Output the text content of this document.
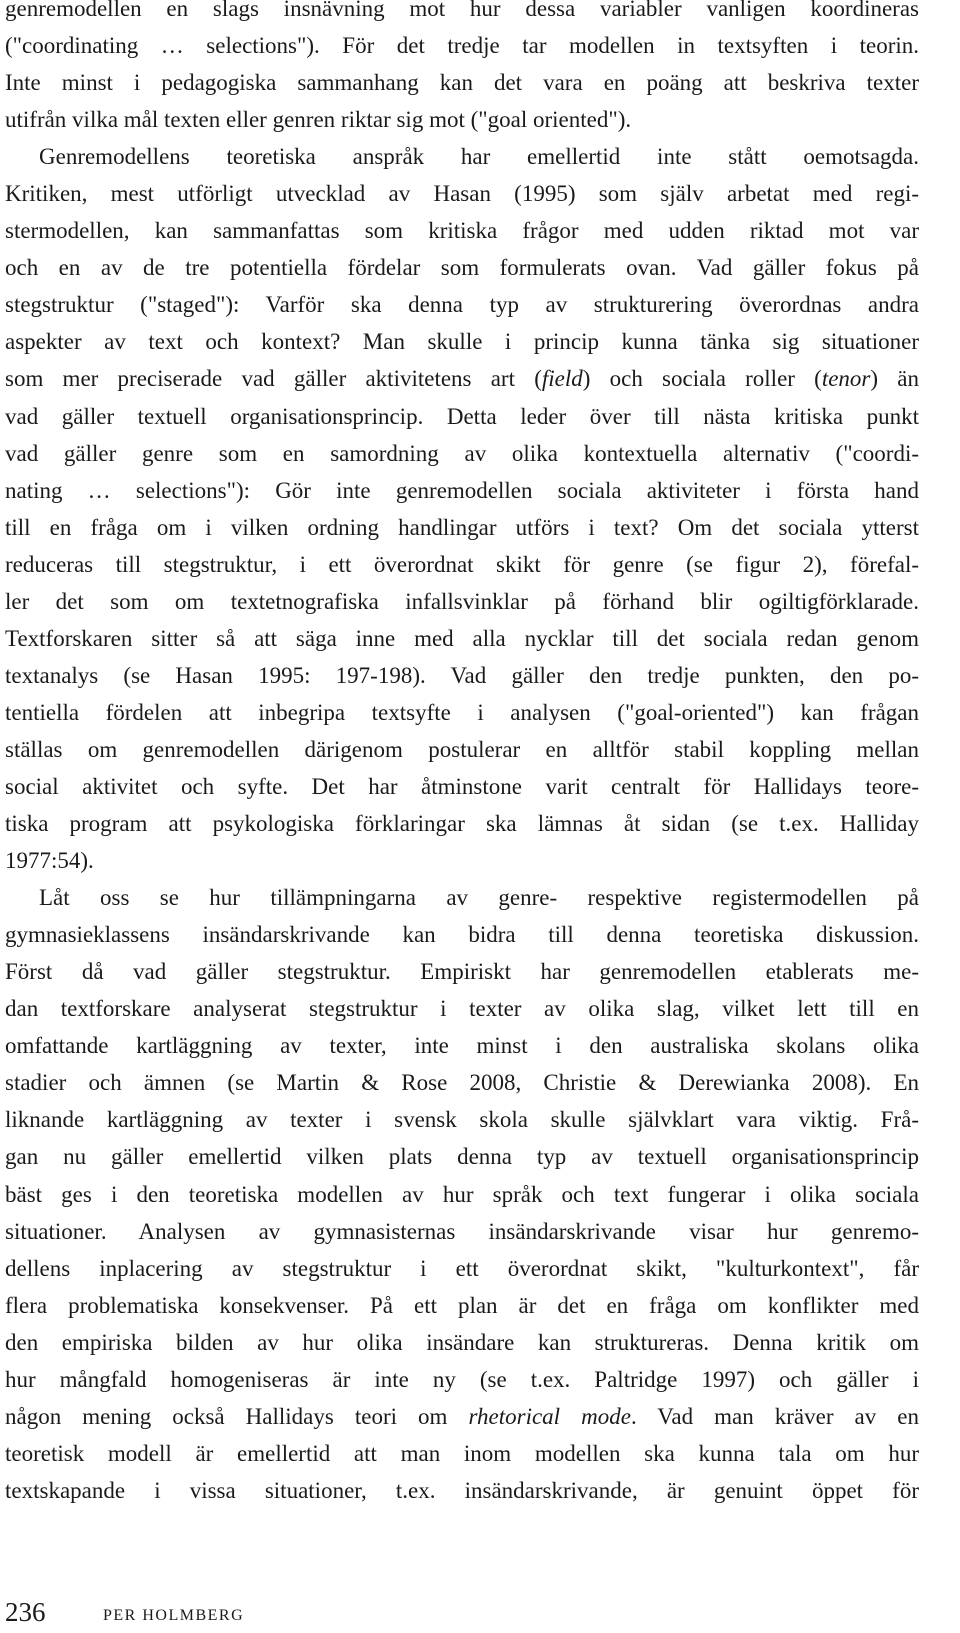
genremodellen en slags insnävning mot hur dessa variabler vanligen koordineras
("coordinating … selections"). För det tredje tar modellen in textsyften i teorin.
Inte minst i pedagogiska sammanhang kan det vara en poäng att beskriva texter
utifrån vilka mål texten eller genren riktar sig mot ("goal oriented").
Genremodellens teoretiska anspråk har emellertid inte stått oemotsagda.
Kritiken, mest utförligt utvecklad av Hasan (1995) som själv arbetat med regi-
stermodellen, kan sammanfattas som kritiska frågor med udden riktad mot var
och en av de tre potentiella fördelar som formulerats ovan. Vad gäller fokus på
stegstruktur ("staged"): Varför ska denna typ av strukturering överordnas andra
aspekter av text och kontext? Man skulle i princip kunna tänka sig situationer
som mer preciserade vad gäller aktivitetens art (field) och sociala roller (tenor) än
vad gäller textuell organisationsprincip. Detta leder över till nästa kritiska punkt
vad gäller genre som en samordning av olika kontextuella alternativ ("coordi-
nating … selections"): Gör inte genremodellen sociala aktiviteter i första hand
till en fråga om i vilken ordning handlingar utförs i text? Om det sociala ytterst
reduceras till stegstruktur, i ett överordnat skikt för genre (se figur 2), förefal-
ler det som om textetnografiska infallsvinklar på förhand blir ogiltigförklarade.
Textforskaren sitter så att säga inne med alla nycklar till det sociala redan genom
textanalys (se Hasan 1995: 197-198). Vad gäller den tredje punkten, den po-
tentiella fördelen att inbegripa textsyfte i analysen ("goal-oriented") kan frågan
ställas om genremodellen därigenom postulerar en alltför stabil koppling mellan
social aktivitet och syfte. Det har åtminstone varit centralt för Hallidays teore-
tiska program att psykologiska förklaringar ska lämnas åt sidan (se t.ex. Halliday
1977:54).
Låt oss se hur tillämpningarna av genre- respektive registermodellen på
gymnasieklassens insändarskrivande kan bidra till denna teoretiska diskussion.
Först då vad gäller stegstruktur. Empiriskt har genremodellen etablerats me-
dan textforskare analyserat stegstruktur i texter av olika slag, vilket lett till en
omfattande kartläggning av texter, inte minst i den australiska skolans olika
stadier och ämnen (se Martin & Rose 2008, Christie & Derewianka 2008). En
liknande kartläggning av texter i svensk skola skulle självklart vara viktig. Frå-
gan nu gäller emellertid vilken plats denna typ av textuell organisationsprincip
bäst ges i den teoretiska modellen av hur språk och text fungerar i olika sociala
situationer. Analysen av gymnasisternas insändarskrivande visar hur genremo-
dellens inplacering av stegstruktur i ett överordnat skikt, "kulturkontext", får
flera problematiska konsekvenser. På ett plan är det en fråga om konflikter med
den empiriska bilden av hur olika insändare kan struktureras. Denna kritik om
hur mångfald homogeniseras är inte ny (se t.ex. Paltridge 1997) och gäller i
någon mening också Hallidays teori om rhetorical mode. Vad man kräver av en
teoretisk modell är emellertid att man inom modellen ska kunna tala om hur
textskapande i vissa situationer, t.ex. insändarskrivande, är genuint öppet för
236	PER HOLMBERG
